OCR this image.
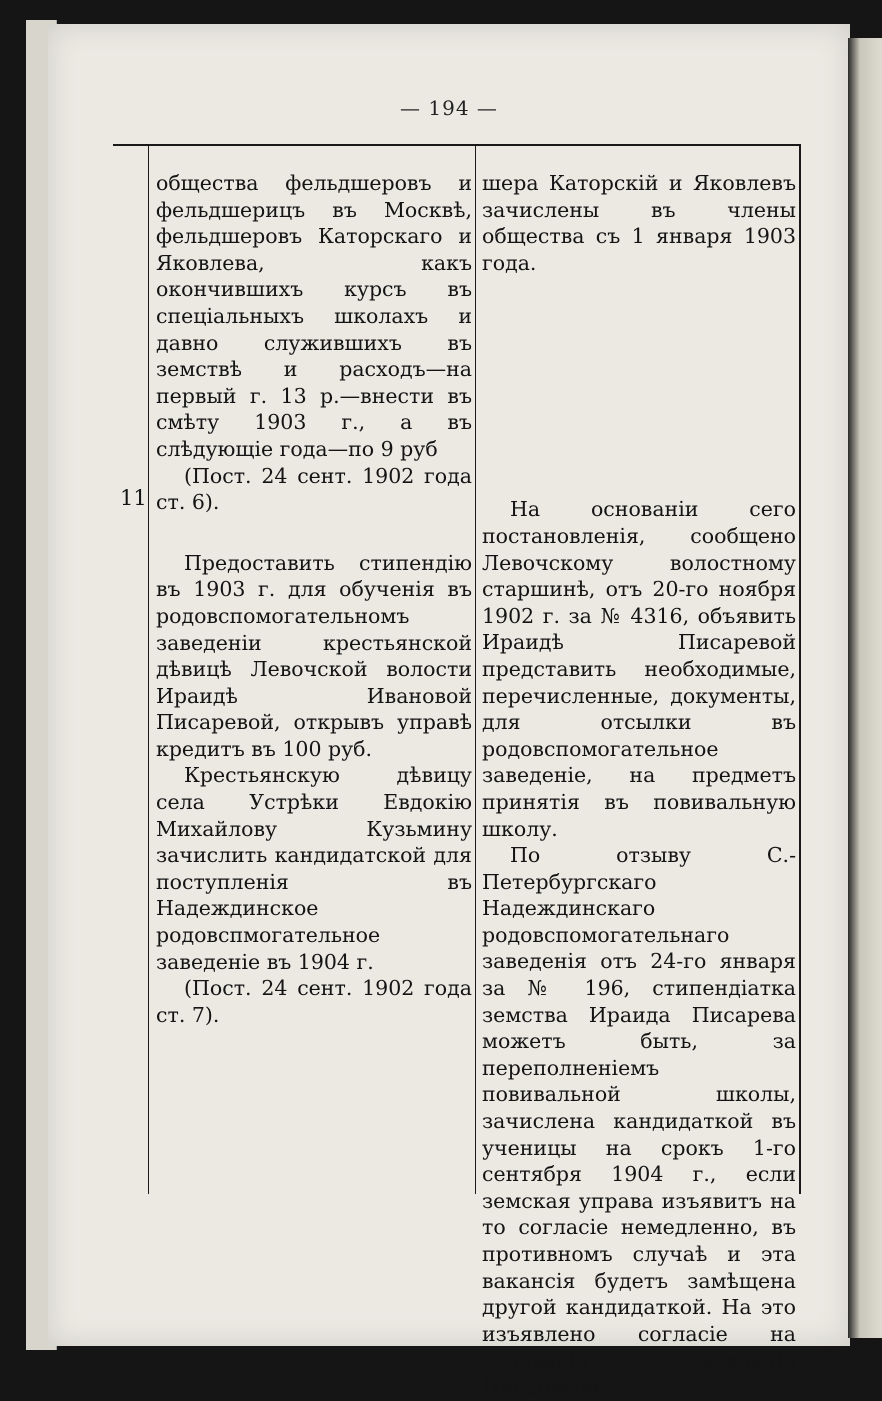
— 194 —
11

общества фельдшеровъ и фельдшерицъ въ Москвѣ, фельдшеровъ Каторскаго и Яковлева, какъ окончившихъ курсъ въ спеціальныхъ школахъ и давно служившихъ въ земствѣ и расходъ—на первый г. 13 р.—внести въ смѣту 1903 г., а въ слѣдующіе года—по 9 руб

(Пост. 24 сент. 1902 года ст. 6).

Предоставить стипендію въ 1903 г. для обученія въ родовспомогательномъ заведеніи крестьянской дѣвицѣ Левочской волости Ираидѣ Ивановой Писаревой, открывъ управѣ кредитъ въ 100 руб.

Крестьянскую дѣвицу села Устрѣки Евдокію Михайлову Кузьмину зачислить кандидатской для поступленія въ Надеждинское родовспмогательное заведеніе въ 1904 г.

(Пост. 24 сент. 1902 года ст. 7).

шера Каторскій и Яковлевъ зачислены въ члены общества съ 1 января 1903 года.

На основаніи сего постановленія, сообщено Левочскому волостному старшинѣ, отъ 20-го ноября 1902 г. за № 4316, объявить Ираидѣ Писаревой представить необходимые, перечисленные, документы, для отсылки въ родовспомогательное заведеніе, на предметъ принятія въ повивальную школу.

По отзыву С.-Петербургскаго Надеждинскаго родовспомогательнаго заведенія отъ 24-го января за № 196, стипендіатка земства Ираида Писарева можетъ быть, за переполненіемъ повивальной школы, зачислена кандидаткой въ ученицы на срокъ 1-го сентября 1904 г., если земская управа изъявитъ на то согласіе немедленно, въ противномъ случаѣ и эта вакансія будетъ замѣщена другой кандидаткой. На это изъявлено согласіе на основаніи заявленія Писаревой.
